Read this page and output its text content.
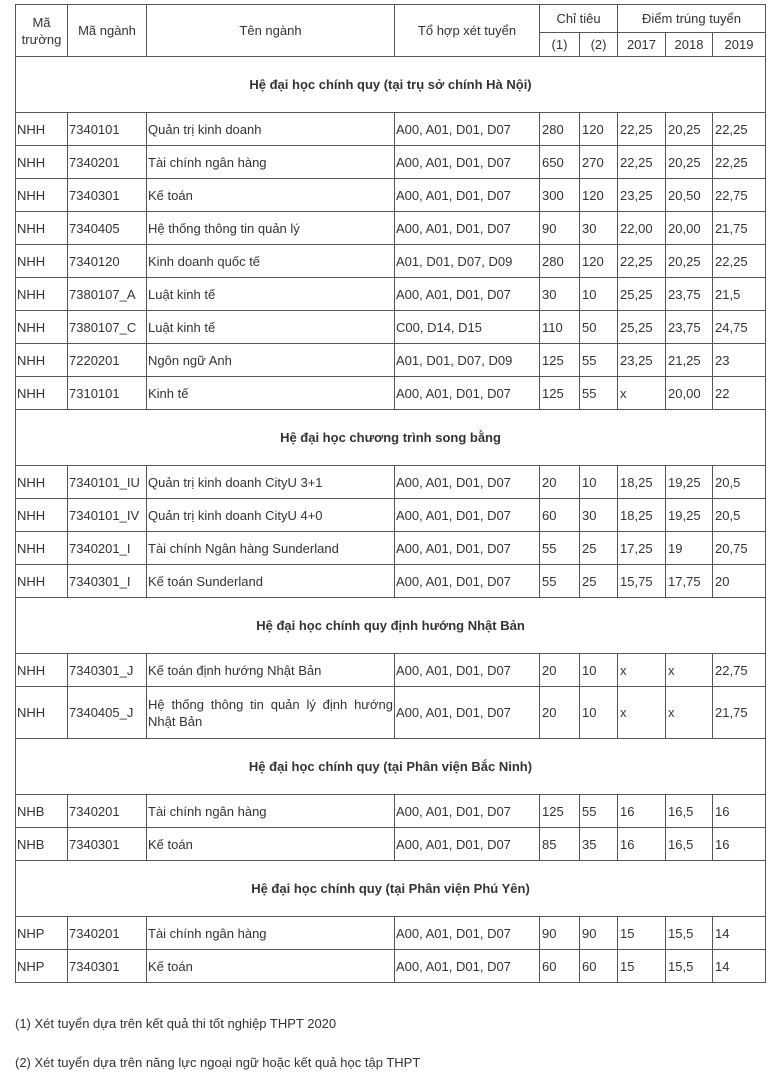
Mã trường	Mã ngành	Tên ngành	Tổ hợp xét tuyển	Chỉ tiêu		Điểm trúng tuyển		
				(1)	(2)	2017	2018	2019
Hệ đại học chính quy (tại trụ sở chính Hà Nội)								
NHH	7340101	Quản trị kinh doanh	A00, A01, D01, D07	280	120	22,25	20,25	22,25
NHH	7340201	Tài chính ngân hàng	A00, A01, D01, D07	650	270	22,25	20,25	22,25
NHH	7340301	Kế toán	A00, A01, D01, D07	300	120	23,25	20,50	22,75
NHH	7340405	Hệ thống thông tin quản lý	A00, A01, D01, D07	90	30	22,00	20,00	21,75
NHH	7340120	Kinh doanh quốc tế	A01, D01, D07, D09	280	120	22,25	20,25	22,25
NHH	7380107_A	Luật kinh tế	A00, A01, D01, D07	30	10	25,25	23,75	21,5
NHH	7380107_C	Luật kinh tế	C00, D14, D15	110	50	25,25	23,75	24,75
NHH	7220201	Ngôn ngữ Anh	A01, D01, D07, D09	125	55	23,25	21,25	23
NHH	7310101	Kinh tế	A00, A01, D01, D07	125	55	x	20,00	22
Hệ đại học chương trình song bằng								
NHH	7340101_IU	Quản trị kinh doanh CityU 3+1	A00, A01, D01, D07	20	10	18,25	19,25	20,5
NHH	7340101_IV	Quản trị kinh doanh CityU 4+0	A00, A01, D01, D07	60	30	18,25	19,25	20,5
NHH	7340201_I	Tài chính Ngân hàng Sunderland	A00, A01, D01, D07	55	25	17,25	19	20,75
NHH	7340301_I	Kế toán Sunderland	A00, A01, D01, D07	55	25	15,75	17,75	20
Hệ đại học chính quy định hướng Nhật Bản								
NHH	7340301_J	Kế toán định hướng Nhật Bản	A00, A01, D01, D07	20	10	x	x	22,75
NHH	7340405_J	Hệ thống thông tin quản lý định hướng Nhật Bản	A00, A01, D01, D07	20	10	x	x	21,75
Hệ đại học chính quy (tại Phân viện Bắc Ninh)								
NHB	7340201	Tài chính ngân hàng	A00, A01, D01, D07	125	55	16	16,5	16
NHB	7340301	Kế toán	A00, A01, D01, D07	85	35	16	16,5	16
Hệ đại học chính quy (tại Phân viện Phú Yên)								
NHP	7340201	Tài chính ngân hàng	A00, A01, D01, D07	90	90	15	15,5	14
NHP	7340301	Kế toán	A00, A01, D01, D07	60	60	15	15,5	14
(1) Xét tuyển dựa trên kết quả thi tốt nghiệp THPT 2020
(2) Xét tuyển dựa trên năng lực ngoại ngữ hoặc kết quả học tập THPT
